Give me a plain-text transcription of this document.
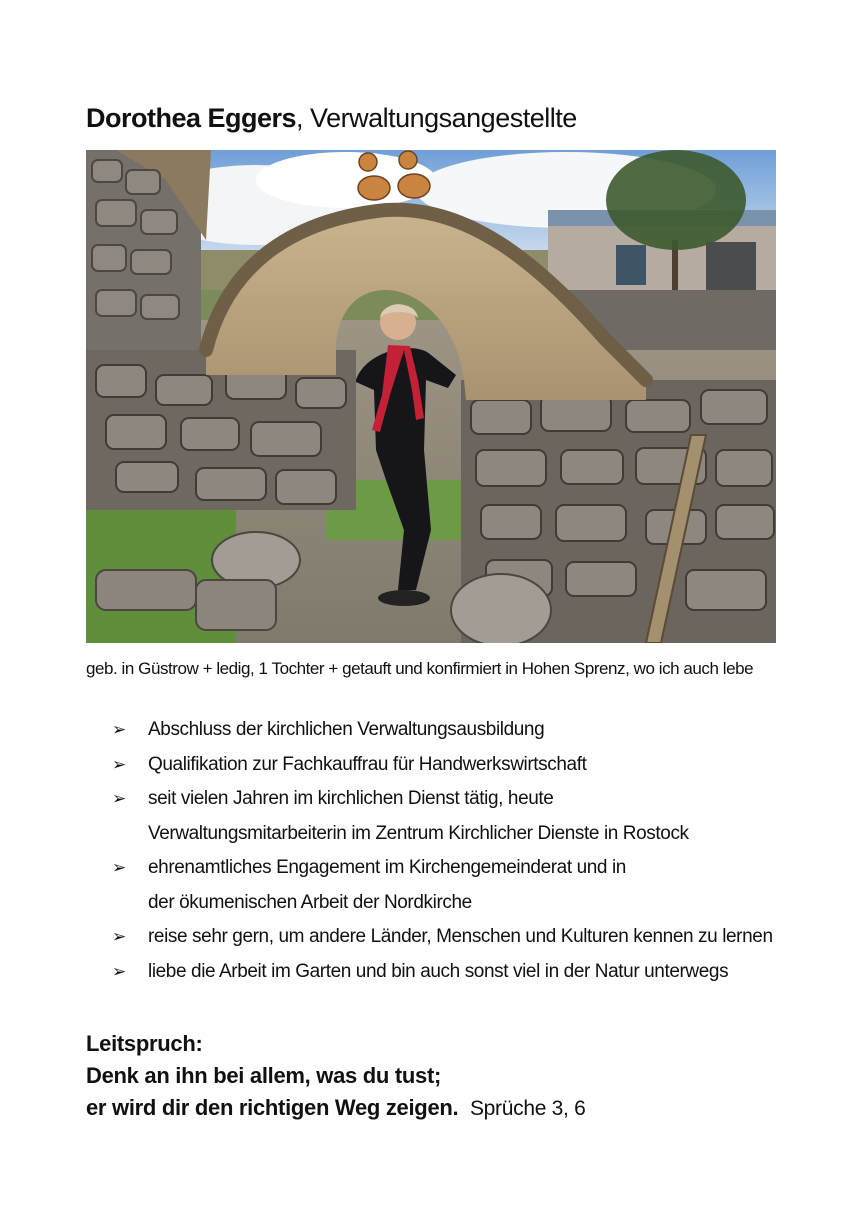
Dorothea Eggers, Verwaltungsangestellte
geb. in Güstrow + ledig, 1 Tochter + getauft und konfirmiert in Hohen Sprenz, wo ich auch lebe
➢ Abschluss der kirchlichen Verwaltungsausbildung
➢ Qualifikation zur Fachkauffrau für Handwerkswirtschaft
➢ seit vielen Jahren im kirchlichen Dienst tätig, heute
Verwaltungsmitarbeiterin im Zentrum Kirchlicher Dienste in Rostock
➢ ehrenamtliches Engagement im Kirchengemeinderat und in
der ökumenischen Arbeit der Nordkirche
➢ reise sehr gern, um andere Länder, Menschen und Kulturen kennen zu lernen
➢ liebe die Arbeit im Garten und bin auch sonst viel in der Natur unterwegs
Leitspruch:
Denk an ihn bei allem, was du tust;
er wird dir den richtigen Weg zeigen. Sprüche 3, 6
